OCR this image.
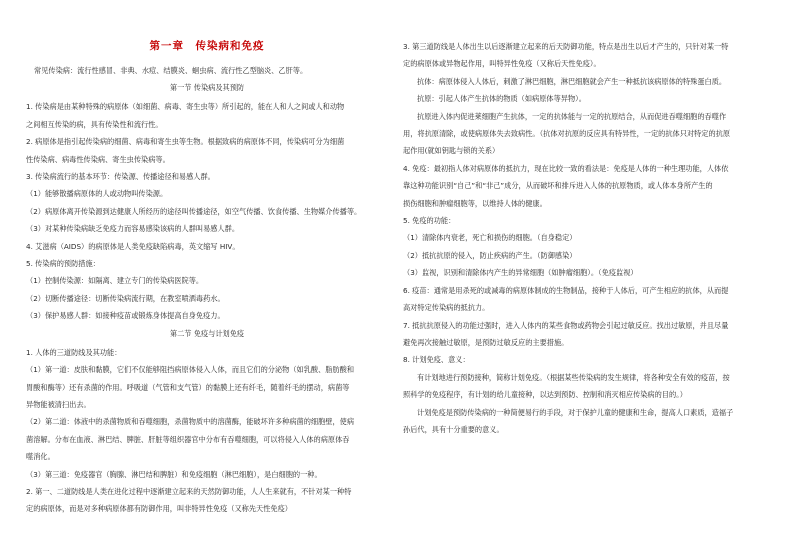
第一章　传染病和免疫

常见传染病：流行性感冒、非典、水痘、结膜炎、蛔虫病、流行性乙型脑炎、乙肝等。

第一节 传染病及其预防

1. 传染病是由某种特殊的病原体（如细菌、病毒、寄生虫等）所引起的，能在人和人之间或人和动物

之间相互传染的病，具有传染性和流行性。

2. 病原体是指引起传染病的细菌、病毒和寄生虫等生物。根据致病的病原体不同，传染病可分为细菌

性传染病、病毒性传染病、寄生虫传染病等。

3. 传染病流行的基本环节：传染源、传播途径和易感人群。

（1）能够散播病原体的人或动物叫传染源。

（2）病原体离开传染源到达健康人所经历的途径叫传播途径，如空气传播、饮食传播、生物媒介传播等。

（3）对某种传染病缺乏免疫力而容易感染该病的人群叫易感人群。

4. 艾滋病（AIDS）的病原体是人类免疫缺陷病毒，英文缩写 HIV。

5. 传染病的预防措施：

（1）控制传染源：如隔离、建立专门的传染病医院等。

（2）切断传播途径：切断传染病流行期，在教室喷洒毒药水。

（3）保护易感人群：如接种疫苗或锻炼身体提高自身免疫力。

第二节 免疫与计划免疫

1. 人体的三道防线及其功能：

（1）第一道：皮肤和黏膜，它们不仅能够阻挡病原体侵入人体，而且它们的分泌物（如乳酸、脂肪酸和

胃酸和酶等）还有杀菌的作用。呼吸道（气管和支气管）的黏膜上还有纤毛，随着纤毛的摆动，病菌等

异物能被清扫出去。

（2）第二道：体液中的杀菌物质和吞噬细胞，杀菌物质中的溶菌酶，能破坏许多种病菌的细胞壁，使病

菌溶解。分布在血液、淋巴结、脾脏、肝脏等组织器官中分布有吞噬细胞，可以将侵入人体的病原体吞

噬消化。

（3）第三道：免疫器官（胸腺、淋巴结和脾脏）和免疫细胞（淋巴细胞），是白细胞的一种。

2. 第一、二道防线是人类在进化过程中逐渐建立起来的天然防御功能，人人生来就有，不针对某一种特

定的病原体，而是对多种病原体都有防御作用，叫非特异性免疫（又称先天性免疫）

3. 第三道防线是人体出生以后逐渐建立起来的后天防御功能，特点是出生以后才产生的，只针对某一特

定的病原体或异物起作用，叫特异性免疫（又称后天性免疫）。

抗体：病原体侵入人体后，刺激了淋巴细胞，淋巴细胞就会产生一种抵抗该病原体的特殊蛋白质。

抗原：引起人体产生抗体的物质（如病原体等异物）。

抗原进入体内促进莱细胞产生抗体，一定的抗体能与一定的抗原结合，从而促进吞噬细胞的吞噬作

用，将抗原清除，或使病原体失去致病性。（抗体对抗原的反应具有特异性，一定的抗体只对特定的抗原

起作用(就如钥匙与锁的关系）

4. 免疫：最初指人体对病原体的抵抗力，现在比较一致的看法是：免疫是人体的一种生理功能，人体依

靠这种功能识别“自己”和“非己”成分，从而破坏和排斥进入人体的抗原物质，或人体本身所产生的

损伤细胞和肿瘤细胞等，以维持人体的健康。

5. 免疫的功能：

（1）清除体内衰老，死亡和损伤的细胞。（自身稳定）

（2）抵抗抗原的侵入，防止疾病的产生。（防御感染）

（3）监视，识别和清除体内产生的异常细胞（如肿瘤细胞）。（免疫监视）

6. 疫苗：通常是用杀死的或减毒的病原体制成的生物制品，接种于人体后，可产生相应的抗体，从而提

高对特定传染病的抵抗力。

7. 抵抗抗原侵入的功能过强时，进入人体内的某些食物或药物会引起过敏反应。找出过敏原，并且尽量

避免再次接触过敏原，是预防过敏反应的主要措施。

8. 计划免疫、意义：

有计划地进行预防接种，简称计划免疫。（根据某些传染病的发生规律，将各种安全有效的疫苗，按

照科学的免疫程序，有计划的给儿童接种，以达到预防、控制和消灭相应传染病的目的。）

计划免疫是预防传染病的一种简便易行的手段，对于保护儿童的健康和生命，提高人口素质，造福子

孙后代，具有十分重要的意义。
